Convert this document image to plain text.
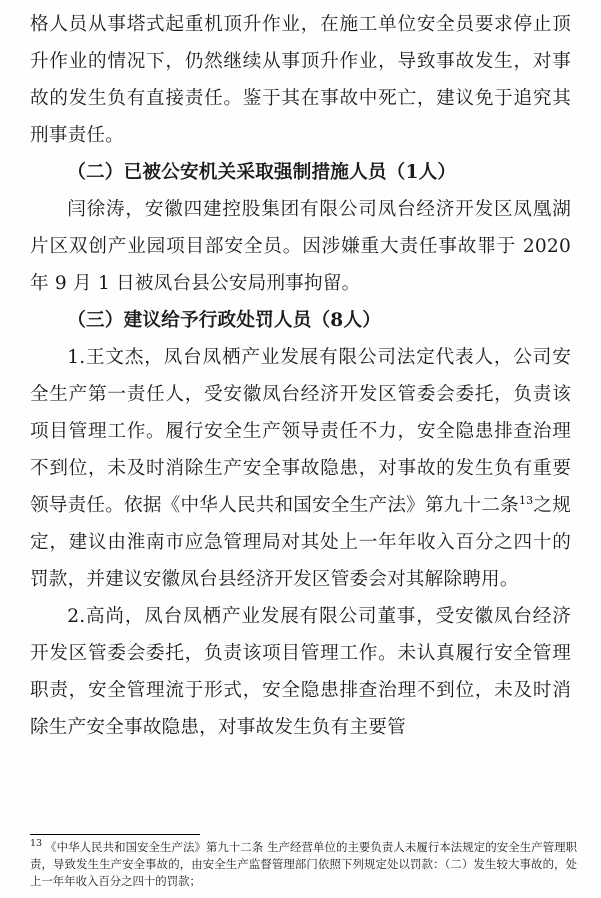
格人员从事塔式起重机顶升作业，在施工单位安全员要求停止顶升作业的情况下，仍然继续从事顶升作业，导致事故发生，对事故的发生负有直接责任。鉴于其在事故中死亡，建议免于追究其刑事责任。

（二）已被公安机关采取强制措施人员（1人）

闫徐涛，安徽四建控股集团有限公司凤台经济开发区凤凰湖片区双创产业园项目部安全员。因涉嫌重大责任事故罪于 2020 年 9 月 1 日被凤台县公安局刑事拘留。

（三）建议给予行政处罚人员（8人）

1.王文杰，凤台凤栖产业发展有限公司法定代表人，公司安全生产第一责任人，受安徽凤台经济开发区管委会委托，负责该项目管理工作。履行安全生产领导责任不力，安全隐患排查治理不到位，未及时消除生产安全事故隐患，对事故的发生负有重要领导责任。依据《中华人民共和国安全生产法》第九十二条$^{13}$之规定，建议由淮南市应急管理局对其处上一年年收入百分之四十的罚款，并建议安徽凤台县经济开发区管委会对其解除聘用。

2.高尚，凤台凤栖产业发展有限公司董事，受安徽凤台经济开发区管委会委托，负责该项目管理工作。未认真履行安全管理职责，安全管理流于形式，安全隐患排查治理不到位，未及时消除生产安全事故隐患，对事故发生负有主要管

$^{13}$ 《中华人民共和国安全生产法》第九十二条 生产经营单位的主要负责人未履行本法规定的安全生产管理职责，导致发生生产安全事故的，由安全生产监督管理部门依照下列规定处以罚款：（二）发生较大事故的，处上一年年收入百分之四十的罚款；
